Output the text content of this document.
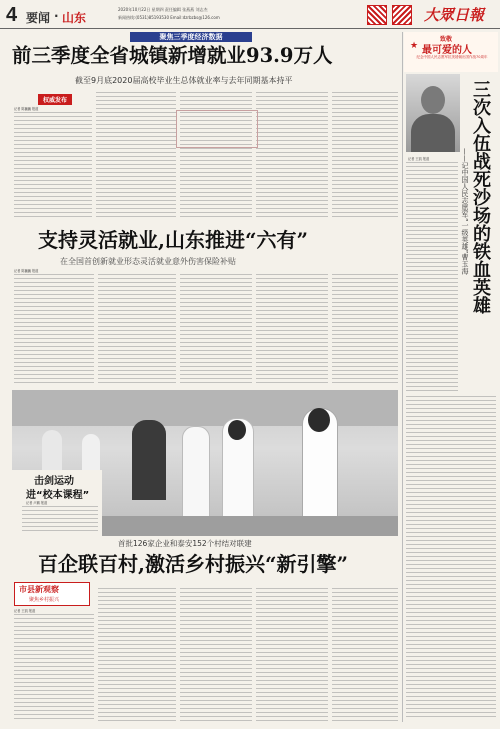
4 要闻 · 山东
2020年10月22日 星期四 责任编辑 张燕燕 刘志杰
新闻热线:(0531)85193530 Email:dzrbzbs@126.com	大眾日報
聚焦三季度经济数据
前三季度全省城镇新增就业93.9万人
截至9月底2020届高校毕业生总体就业率与去年同期基本持平
权威发布
记者 陈巍巍 报道
支持灵活就业,山东推进“六有”
在全国首创新就业形态灵活就业意外伤害保险补贴
记者 陈巍巍 报道
致敬
★ 最可爱的人
纪念中国人民志愿军抗美援朝出国作战70周年
三次入伍战死沙场的铁血英雄
——记中国人民志愿军“一级英雄”曹玉海
记者 王凯 报道
击剑运动
进“校本课程”
记者 卢鹏 报道
首批126家企业和泰安152个村结对联建
百企联百村,激活乡村振兴“新引擎”
市县新观察
聚焦乡村振兴
记者 王凯 报道
